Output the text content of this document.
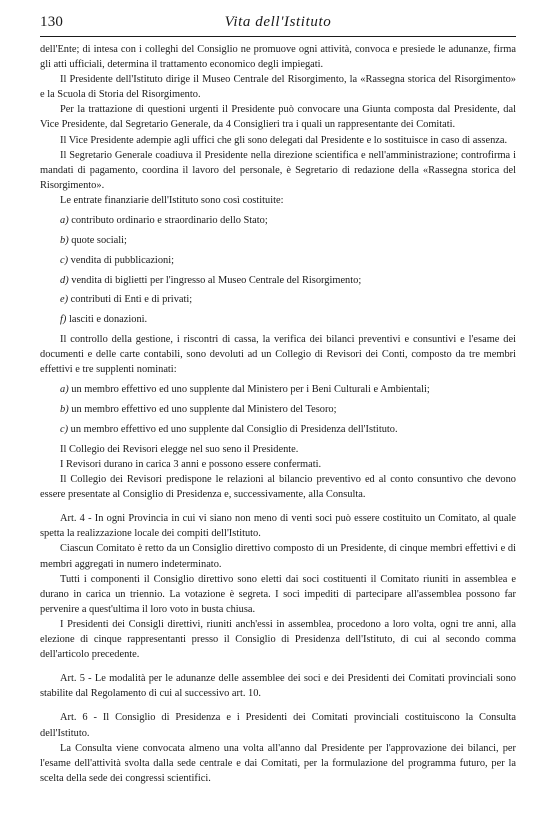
130	Vita dell'Istituto

dell'Ente; di intesa con i colleghi del Consiglio ne promuove ogni attività, convoca e presiede le adunanze, firma gli atti ufficiali, determina il trattamento economico degli impiegati.

Il Presidente dell'Istituto dirige il Museo Centrale del Risorgimento, la «Rassegna storica del Risorgimento» e la Scuola di Storia del Risorgimento.

Per la trattazione di questioni urgenti il Presidente può convocare una Giunta composta dal Presidente, dal Vice Presidente, dal Segretario Generale, da 4 Consiglieri tra i quali un rappresentante dei Comitati.

Il Vice Presidente adempie agli uffici che gli sono delegati dal Presidente e lo sostituisce in caso di assenza.

Il Segretario Generale coadiuva il Presidente nella direzione scientifica e nell'amministrazione; controfirma i mandati di pagamento, coordina il lavoro del personale, è Segretario di redazione della «Rassegna storica del Risorgimento».

Le entrate finanziarie dell'Istituto sono così costituite:

a) contributo ordinario e straordinario dello Stato;

b) quote sociali;

c) vendita di pubblicazioni;

d) vendita di biglietti per l'ingresso al Museo Centrale del Risorgimento;

e) contributi di Enti e di privati;

f) lasciti e donazioni.

Il controllo della gestione, i riscontri di cassa, la verifica dei bilanci preventivi e consuntivi e l'esame dei documenti e delle carte contabili, sono devoluti ad un Collegio di Revisori dei Conti, composto da tre membri effettivi e tre supplenti nominati:

a) un membro effettivo ed uno supplente dal Ministero per i Beni Culturali e Ambientali;

b) un membro effettivo ed uno supplente dal Ministero del Tesoro;

c) un membro effettivo ed uno supplente dal Consiglio di Presidenza dell'Istituto.

Il Collegio dei Revisori elegge nel suo seno il Presidente.

I Revisori durano in carica 3 anni e possono essere confermati.

Il Collegio dei Revisori predispone le relazioni al bilancio preventivo ed al conto consuntivo che devono essere presentate al Consiglio di Presidenza e, successivamente, alla Consulta.

Art. 4 - In ogni Provincia in cui vi siano non meno di venti soci può essere costituito un Comitato, al quale spetta la realizzazione locale dei compiti dell'Istituto.

Ciascun Comitato è retto da un Consiglio direttivo composto di un Presidente, di cinque membri effettivi e di membri aggregati in numero indeterminato.

Tutti i componenti il Consiglio direttivo sono eletti dai soci costituenti il Comitato riuniti in assemblea e durano in carica un triennio. La votazione è segreta. I soci impediti di partecipare all'assemblea possono far pervenire a quest'ultima il loro voto in busta chiusa.

I Presidenti dei Consigli direttivi, riuniti anch'essi in assemblea, procedono a loro volta, ogni tre anni, alla elezione di cinque rappresentanti presso il Consiglio di Presidenza dell'Istituto, di cui al secondo comma dell'articolo precedente.

Art. 5 - Le modalità per le adunanze delle assemblee dei soci e dei Presidenti dei Comitati provinciali sono stabilite dal Regolamento di cui al successivo art. 10.

Art. 6 - Il Consiglio di Presidenza e i Presidenti dei Comitati provinciali costituiscono la Consulta dell'Istituto.

La Consulta viene convocata almeno una volta all'anno dal Presidente per l'approvazione dei bilanci, per l'esame dell'attività svolta dalla sede centrale e dai Comitati, per la formulazione del programma futuro, per la scelta della sede dei congressi scientifici.
